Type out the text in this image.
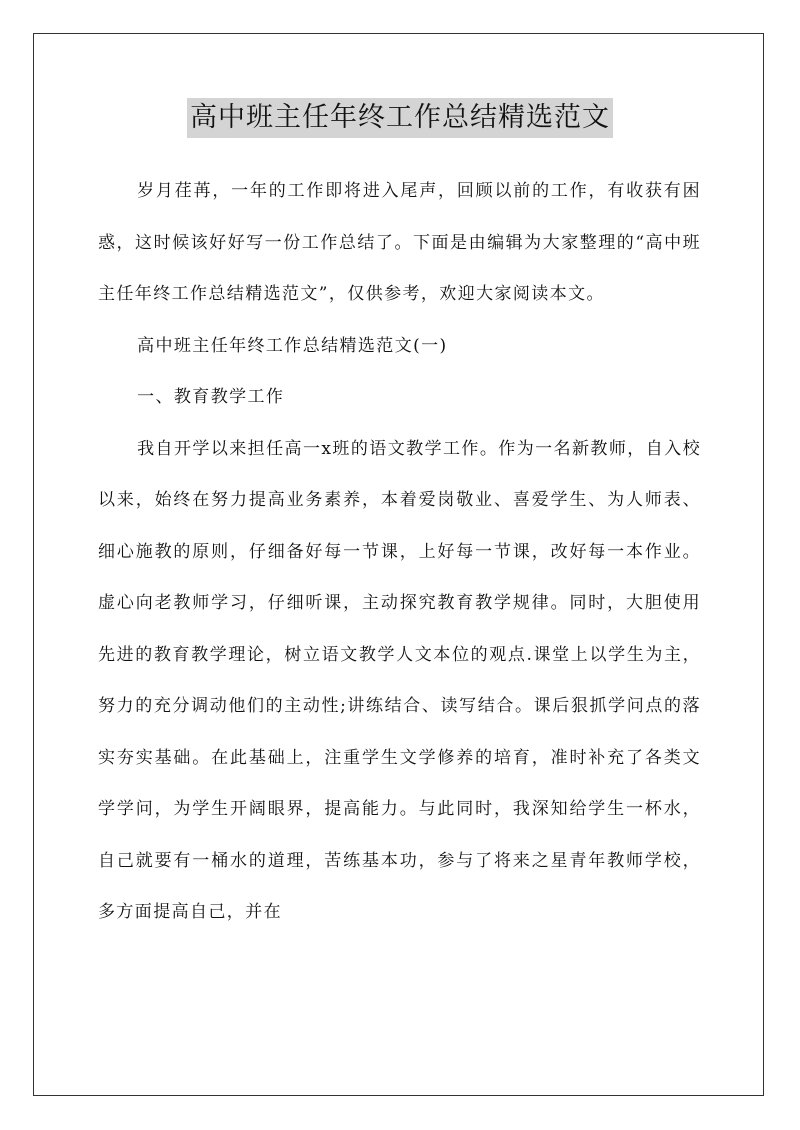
高中班主任年终工作总结精选范文

岁月荏苒，一年的工作即将进入尾声，回顾以前的工作，有收获有困惑，这时候该好好写一份工作总结了。下面是由编辑为大家整理的“高中班主任年终工作总结精选范文”，仅供参考，欢迎大家阅读本文。

高中班主任年终工作总结精选范文(一)

一、教育教学工作

我自开学以来担任高一x班的语文教学工作。作为一名新教师，自入校以来，始终在努力提高业务素养，本着爱岗敬业、喜爱学生、为人师表、细心施教的原则，仔细备好每一节课，上好每一节课，改好每一本作业。虚心向老教师学习，仔细听课，主动探究教育教学规律。同时，大胆使用先进的教育教学理论，树立语文教学人文本位的观点.课堂上以学生为主，努力的充分调动他们的主动性;讲练结合、读写结合。课后狠抓学问点的落实夯实基础。在此基础上，注重学生文学修养的培育，准时补充了各类文学学问，为学生开阔眼界，提高能力。与此同时，我深知给学生一杯水，自己就要有一桶水的道理，苦练基本功，参与了将来之星青年教师学校，多方面提高自己，并在
